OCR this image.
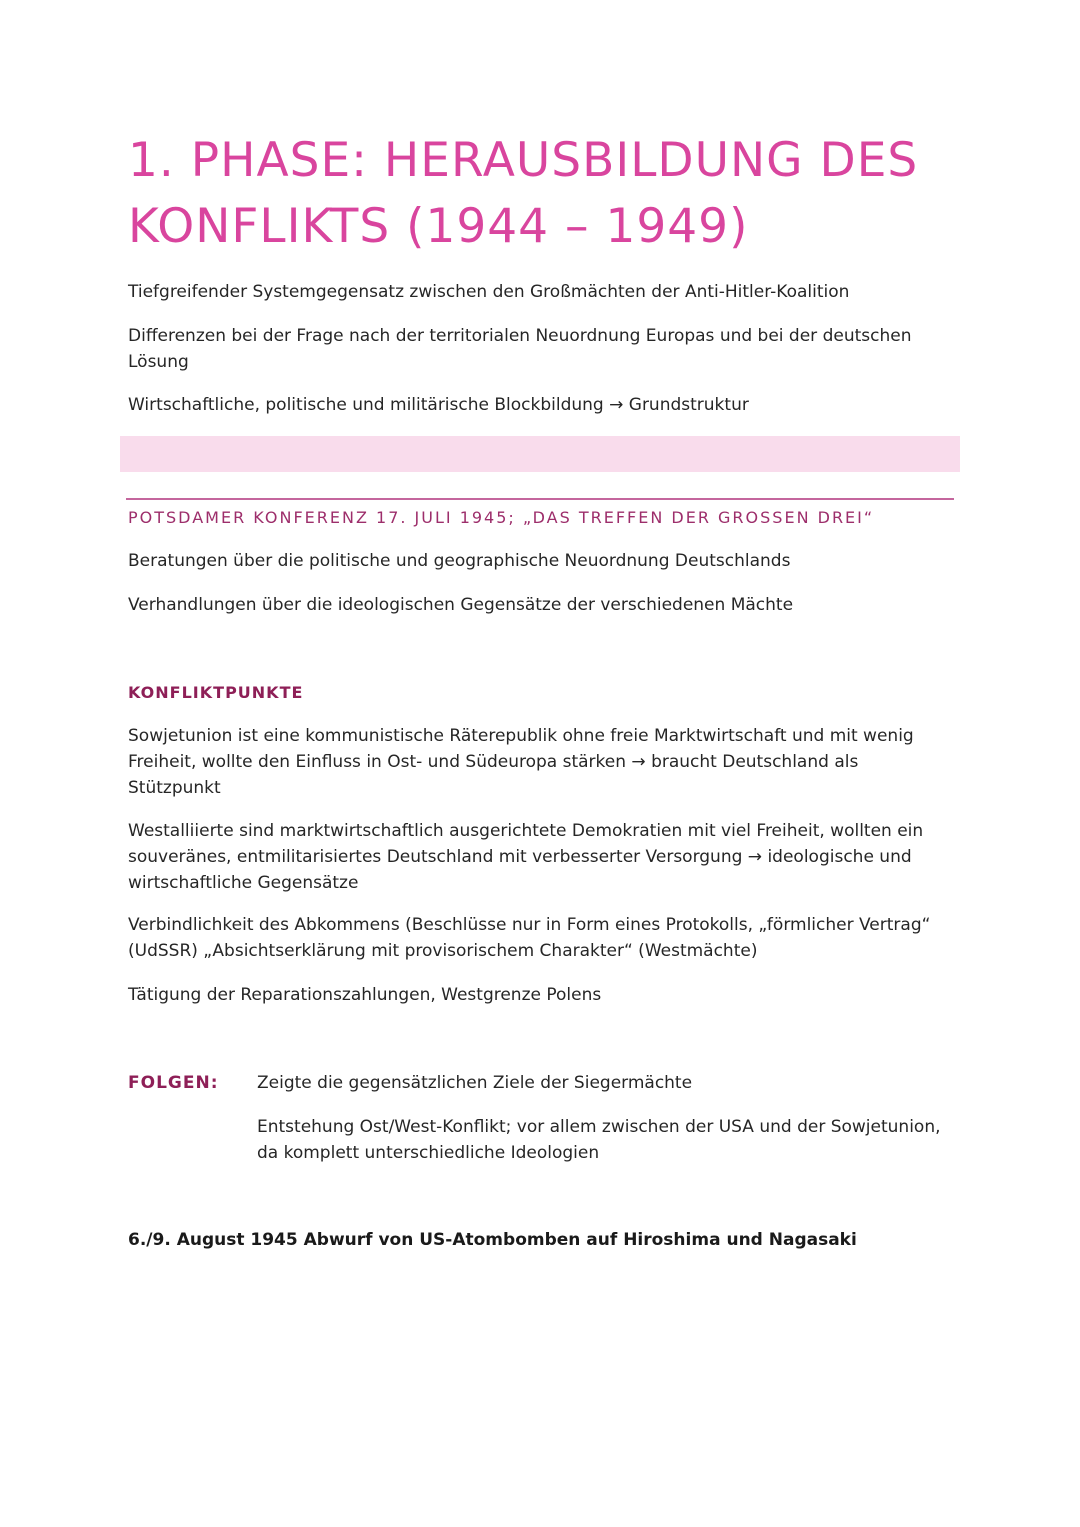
1. PHASE: HERAUSBILDUNG DES
KONFLIKTS (1944 – 1949)

Tiefgreifender Systemgegensatz zwischen den Großmächten der Anti-Hitler-Koalition

Differenzen bei der Frage nach der territorialen Neuordnung Europas und bei der deutschen Lösung

Wirtschaftliche, politische und militärische Blockbildung → Grundstruktur

POTSDAMER KONFERENZ 17. JULI 1945; „DAS TREFFEN DER GROSSEN DREI“

Beratungen über die politische und geographische Neuordnung Deutschlands

Verhandlungen über die ideologischen Gegensätze der verschiedenen Mächte

KONFLIKTPUNKTE

Sowjetunion ist eine kommunistische Räterepublik ohne freie Marktwirtschaft und mit wenig Freiheit, wollte den Einfluss in Ost- und Südeuropa stärken → braucht Deutschland als Stützpunkt

Westalliierte sind marktwirtschaftlich ausgerichtete Demokratien mit viel Freiheit, wollten ein souveränes, entmilitarisiertes Deutschland mit verbesserter Versorgung → ideologische und wirtschaftliche Gegensätze

Verbindlichkeit des Abkommens (Beschlüsse nur in Form eines Protokolls, „förmlicher Vertrag“ (UdSSR) „Absichtserklärung mit provisorischem Charakter“ (Westmächte)

Tätigung der Reparationszahlungen, Westgrenze Polens

FOLGEN: Zeigte die gegensätzlichen Ziele der Siegermächte

Entstehung Ost/West-Konflikt; vor allem zwischen der USA und der Sowjetunion, da komplett unterschiedliche Ideologien

6./9. August 1945 Abwurf von US-Atombomben auf Hiroshima und Nagasaki
